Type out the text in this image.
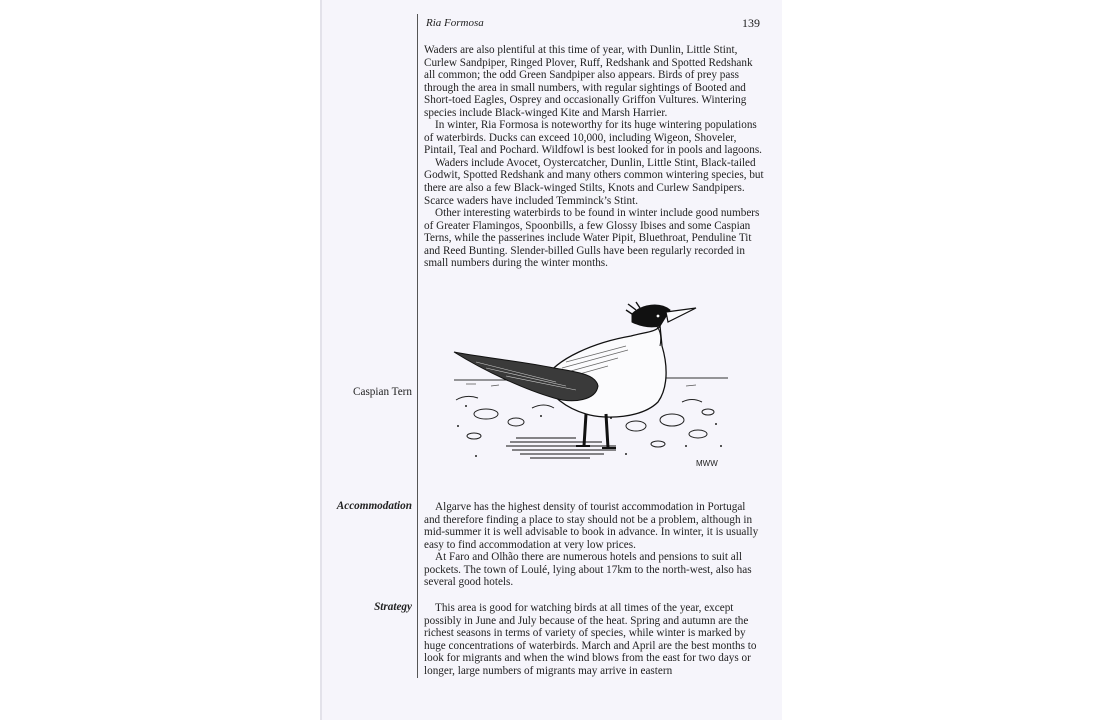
Ria Formosa	139

Waders are also plentiful at this time of year, with Dunlin, Little Stint, Curlew Sandpiper, Ringed Plover, Ruff, Redshank and Spotted Redshank all common; the odd Green Sandpiper also appears. Birds of prey pass through the area in small numbers, with regular sightings of Booted and Short-toed Eagles, Osprey and occasionally Griffon Vultures. Wintering species include Black-winged Kite and Marsh Harrier.

In winter, Ria Formosa is noteworthy for its huge wintering populations of waterbirds. Ducks can exceed 10,000, including Wigeon, Shoveler, Pintail, Teal and Pochard. Wildfowl is best looked for in pools and lagoons.

Waders include Avocet, Oystercatcher, Dunlin, Little Stint, Black-tailed Godwit, Spotted Redshank and many others common wintering species, but there are also a few Black-winged Stilts, Knots and Curlew Sandpipers. Scarce waders have included Temminck’s Stint.

Other interesting waterbirds to be found in winter include good numbers of Greater Flamingos, Spoonbills, a few Glossy Ibises and some Caspian Terns, while the passerines include Water Pipit, Bluethroat, Penduline Tit and Reed Bunting. Slender-billed Gulls have been regularly recorded in small numbers during the winter months.

Caspian Tern
MWW
Accommodation	Algarve has the highest density of tourist accommodation in Portugal and therefore finding a place to stay should not be a problem, although in mid-summer it is well advisable to book in advance. In winter, it is usually easy to find accommodation at very low prices.

At Faro and Olhão there are numerous hotels and pensions to suit all pockets. The town of Loulé, lying about 17km to the north-west, also has several good hotels.

Strategy	This area is good for watching birds at all times of the year, except possibly in June and July because of the heat. Spring and autumn are the richest seasons in terms of variety of species, while winter is marked by huge concentrations of waterbirds. March and April are the best months to look for migrants and when the wind blows from the east for two days or longer, large numbers of migrants may arrive in eastern
